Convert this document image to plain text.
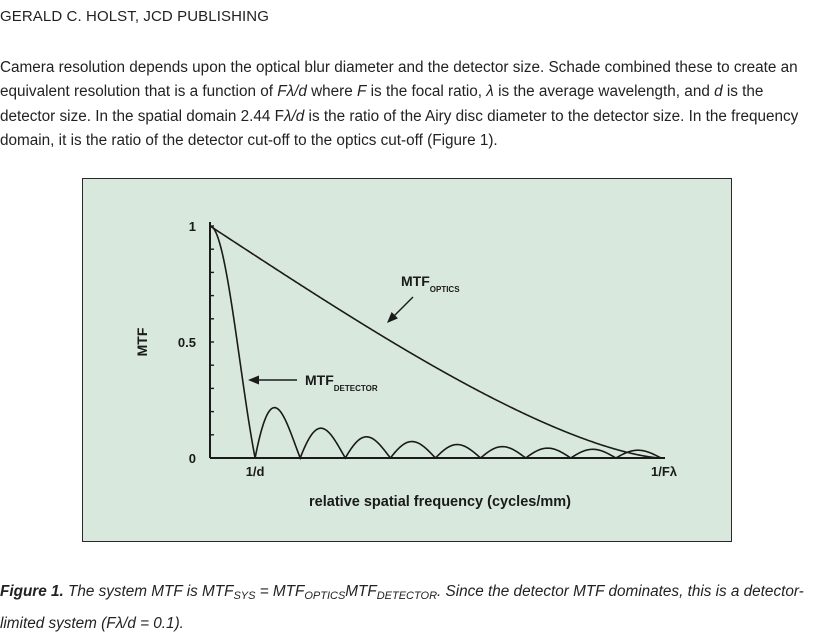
GERALD C. HOLST, JCD PUBLISHING
Camera resolution depends upon the optical blur diameter and the detector size. Schade combined these to create an equivalent resolution that is a function of Fλ/d where F is the focal ratio, λ is the average wavelength, and d is the detector size. In the spatial domain 2.44 Fλ/d is the ratio of the Airy disc diameter to the detector size. In the frequency domain, it is the ratio of the detector cut-off to the optics cut-off (Figure 1).
0
0.5
1
1/d	1/Fλ
MTF
relative spatial frequency (cycles/mm)
$MTF_{OPTICS}$
$MTF_{DETECTOR}$
Figure 1. The system MTF is $MTF_{SYS} = MTF_{OPTICS}MTF_{DETECTOR}$. Since the detector MTF dominates, this is a detector-limited system (Fλ/d = 0.1).
